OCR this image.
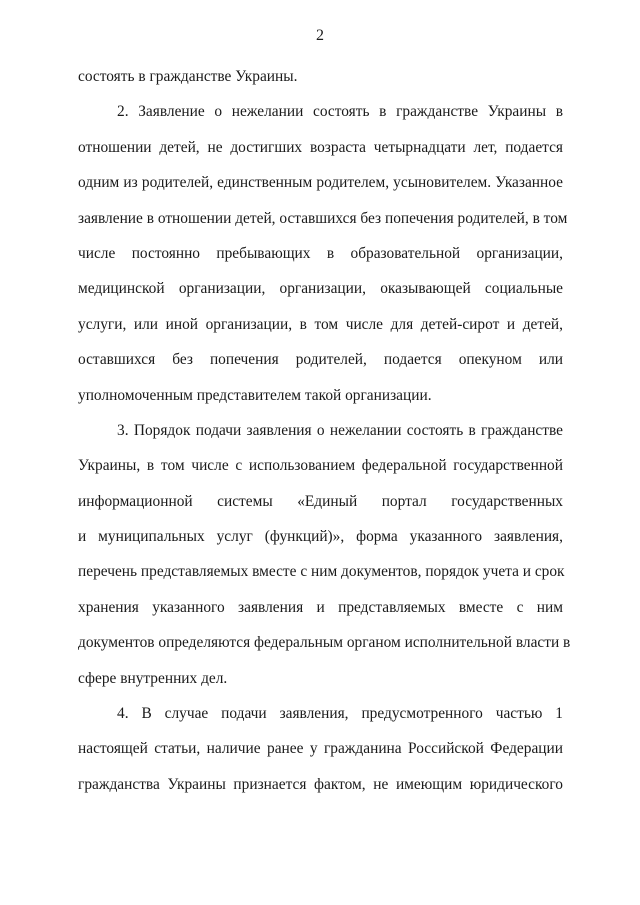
2
состоять в гражданстве Украины.
2. Заявление о нежелании состоять в гражданстве Украины в
отношении детей, не достигших возраста четырнадцати лет, подается
одним из родителей, единственным родителем, усыновителем. Указанное
заявление в отношении детей, оставшихся без попечения родителей, в том
числе постоянно пребывающих в образовательной организации,
медицинской организации, организации, оказывающей социальные
услуги, или иной организации, в том числе для детей-сирот и детей,
оставшихся без попечения родителей, подается опекуном или
уполномоченным представителем такой организации.
3. Порядок подачи заявления о нежелании состоять в гражданстве
Украины, в том числе с использованием федеральной государственной
информационной системы «Единый портал государственных
и муниципальных услуг (функций)», форма указанного заявления,
перечень представляемых вместе с ним документов, порядок учета и срок
хранения указанного заявления и представляемых вместе с ним
документов определяются федеральным органом исполнительной власти в
сфере внутренних дел.
4. В случае подачи заявления, предусмотренного частью 1
настоящей статьи, наличие ранее у гражданина Российской Федерации
гражданства Украины признается фактом, не имеющим юридического
